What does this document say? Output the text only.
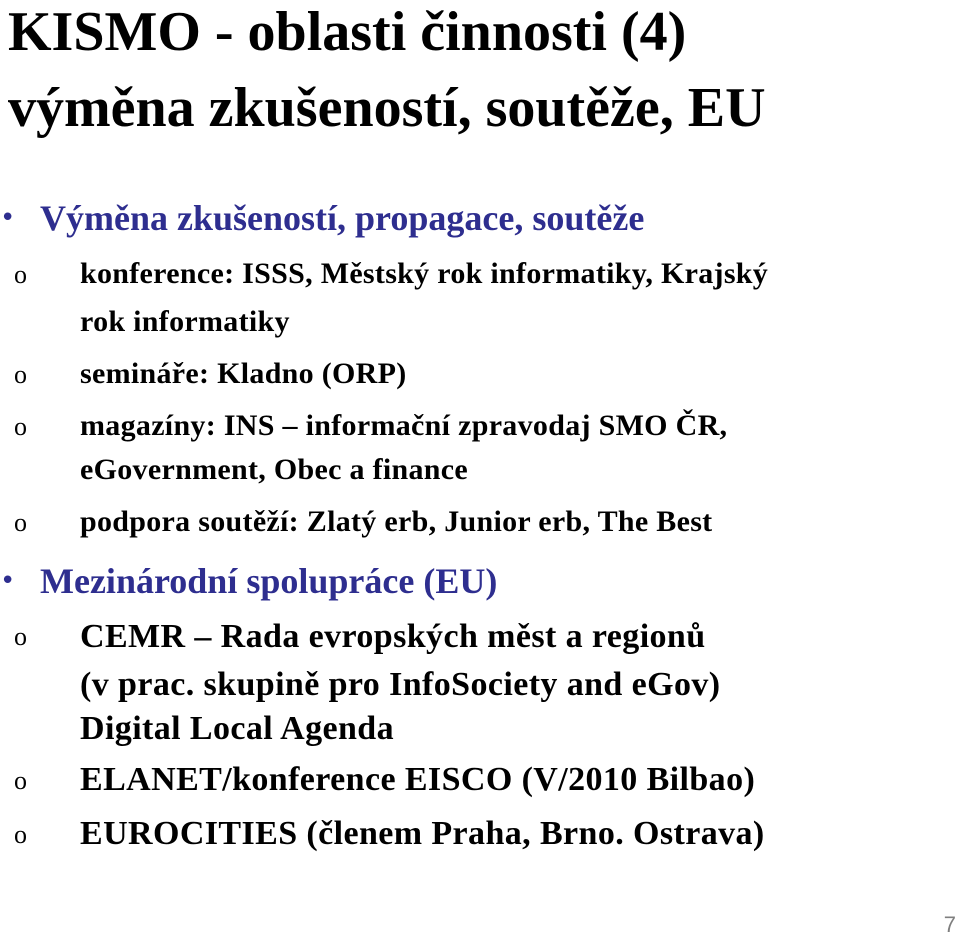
KISMO - oblasti činnosti (4)
výměna zkušeností, soutěže, EU
• Výměna zkušeností, propagace, soutěže
o konference: ISSS, Městský rok informatiky, Krajský

rok informatiky

o semináře: Kladno (ORP)

o magazíny: INS – informační zpravodaj SMO ČR,

eGovernment, Obec a finance

o podpora soutěží: Zlatý erb, Junior erb, The Best

• Mezinárodní spolupráce (EU)
o CEMR – Rada evropských měst a regionů

(v prac. skupině pro InfoSociety and eGov)

Digital Local Agenda

o ELANET/konference EISCO (V/2010 Bilbao)

o EUROCITIES (členem Praha, Brno. Ostrava)

7
